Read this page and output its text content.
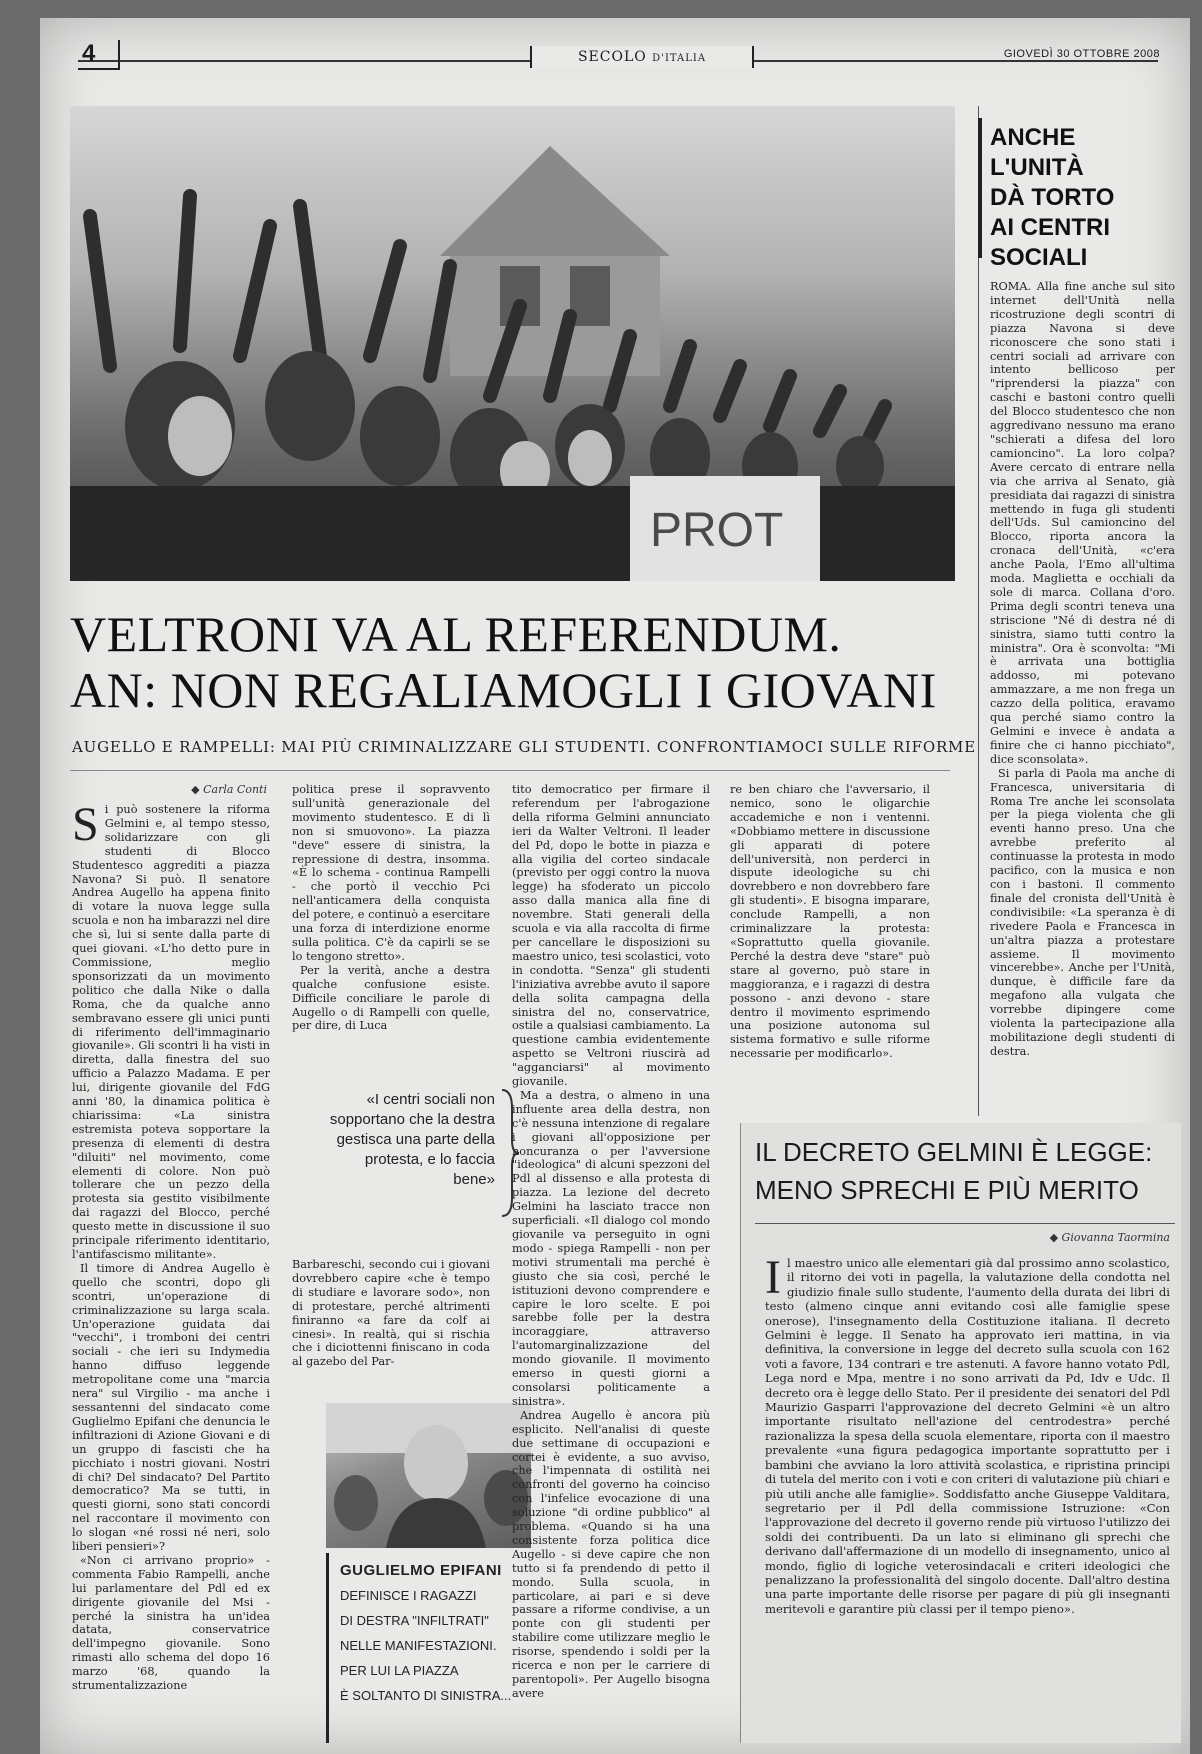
4	SECOLO D'ITALIA	GIOVEDÌ 30 OTTOBRE 2008
PROT
VELTRONI VA AL REFERENDUM.
AN: NON REGALIAMOGLI I GIOVANI
AUGELLO E RAMPELLI: MAI PIÙ CRIMINALIZZARE GLI STUDENTI. CONFRONTIAMOCI SULLE RIFORME
◆ Carla Conti

Si può sostenere la riforma Gelmini e, al tempo stesso, solidarizzare con gli studenti di Blocco Studentesco aggrediti a piazza Navona? Si può. Il senatore Andrea Augello ha appena finito di votare la nuova legge sulla scuola e non ha imbarazzi nel dire che sì, lui si sente dalla parte di quei giovani. «L'ho detto pure in Commissione, meglio sponsorizzati da un movimento politico che dalla Nike o dalla Roma, che da qualche anno sembravano essere gli unici punti di riferimento dell'immaginario giovanile». Gli scontri li ha visti in diretta, dalla finestra del suo ufficio a Palazzo Madama. E per lui, dirigente giovanile del FdG anni '80, la dinamica politica è chiarissima: «La sinistra estremista poteva sopportare la presenza di elementi di destra "diluiti" nel movimento, come elementi di colore. Non può tollerare che un pezzo della protesta sia gestito visibilmente dai ragazzi del Blocco, perché questo mette in discussione il suo principale riferimento identitario, l'antifascismo militante».

Il timore di Andrea Augello è quello che scontri, dopo gli scontri, un'operazione di criminalizzazione su larga scala. Un'operazione guidata dai "vecchi", i tromboni dei centri sociali - che ieri su Indymedia hanno diffuso leggende metropolitane come una "marcia nera" sul Virgilio - ma anche i sessantenni del sindacato come Guglielmo Epifani che denuncia le infiltrazioni di Azione Giovani e di un gruppo di fascisti che ha picchiato i nostri giovani. Nostri di chi? Del sindacato? Del Partito democratico? Ma se tutti, in questi giorni, sono stati concordi nel raccontare il movimento con lo slogan «né rossi né neri, solo liberi pensieri»?

«Non ci arrivano proprio» - commenta Fabio Rampelli, anche lui parlamentare del Pdl ed ex dirigente giovanile del Msi - perché la sinistra ha un'idea datata, conservatrice dell'impegno giovanile. Sono rimasti allo schema del dopo 16 marzo '68, quando la strumentalizzazione

politica prese il sopravvento sull'unità generazionale del movimento studentesco. E di lì non si smuovono». La piazza "deve" essere di sinistra, la repressione di destra, insomma. «È lo schema - continua Rampelli - che portò il vecchio Pci nell'anticamera della conquista del potere, e continuò a esercitare una forza di interdizione enorme sulla politica. C'è da capirli se se lo tengono stretto».

Per la verità, anche a destra qualche confusione esiste. Difficile conciliare le parole di Augello o di Rampelli con quelle, per dire, di Luca

«I centri sociali non sopportano che la destra gestisca una parte della protesta, e lo faccia bene»

Barbareschi, secondo cui i giovani dovrebbero capire «che è tempo di studiare e lavorare sodo», non di protestare, perché altrimenti finiranno «a fare da colf ai cinesi». In realtà, qui si rischia che i diciottenni finiscano in coda al gazebo del Par-

GUGLIELMO EPIFANI
DEFINISCE I RAGAZZI
DI DESTRA "INFILTRATI"
NELLE MANIFESTAZIONI.
PER LUI LA PIAZZA
È SOLTANTO DI SINISTRA...

tito democratico per firmare il referendum per l'abrogazione della riforma Gelmini annunciato ieri da Walter Veltroni. Il leader del Pd, dopo le botte in piazza e alla vigilia del corteo sindacale (previsto per oggi contro la nuova legge) ha sfoderato un piccolo asso dalla manica alla fine di novembre. Stati generali della scuola e via alla raccolta di firme per cancellare le disposizioni su maestro unico, tesi scolastici, voto in condotta. "Senza" gli studenti l'iniziativa avrebbe avuto il sapore della solita campagna della sinistra del no, conservatrice, ostile a qualsiasi cambiamento. La questione cambia evidentemente aspetto se Veltroni riuscirà ad "agganciarsi" al movimento giovanile.

Ma a destra, o almeno in una influente area della destra, non c'è nessuna intenzione di regalare i giovani all'opposizione per noncuranza o per l'avversione "ideologica" di alcuni spezzoni del Pdl al dissenso e alla protesta di piazza. La lezione del decreto Gelmini ha lasciato tracce non superficiali. «Il dialogo col mondo giovanile va perseguito in ogni modo - spiega Rampelli - non per motivi strumentali ma perché è giusto che sia così, perché le istituzioni devono comprendere e capire le loro scelte. E poi sarebbe folle per la destra incoraggiare, attraverso l'automarginalizzazione del mondo giovanile. Il movimento emerso in questi giorni a consolarsi politicamente a sinistra».

Andrea Augello è ancora più esplicito. Nell'analisi di queste due settimane di occupazioni e cortei è evidente, a suo avviso, che l'impennata di ostilità nei confronti del governo ha coinciso con l'infelice evocazione di una soluzione "di ordine pubblico" al problema. «Quando si ha una consistente forza politica dice Augello - si deve capire che non tutto si fa prendendo di petto il mondo. Sulla scuola, in particolare, ai pari e si deve passare a riforme condivise, a un ponte con gli studenti per stabilire come utilizzare meglio le risorse, spendendo i soldi per la ricerca e non per le carriere di parentopoli». Per Augello bisogna avere

re ben chiaro che l'avversario, il nemico, sono le oligarchie accademiche e non i ventenni. «Dobbiamo mettere in discussione gli apparati di potere dell'università, non perderci in dispute ideologiche su chi dovrebbero e non dovrebbero fare gli studenti». E bisogna imparare, conclude Rampelli, a non criminalizzare la protesta: «Soprattutto quella giovanile. Perché la destra deve "stare" può stare al governo, può stare in maggioranza, e i ragazzi di destra possono - anzi devono - stare dentro il movimento esprimendo una posizione autonoma sul sistema formativo e sulle riforme necessarie per modificarlo».

ANCHE L'UNITÀ
DÀ TORTO
AI CENTRI
SOCIALI

ROMA. Alla fine anche sul sito internet dell'Unità nella ricostruzione degli scontri di piazza Navona si deve riconoscere che sono stati i centri sociali ad arrivare con intento bellicoso per "riprendersi la piazza" con caschi e bastoni contro quelli del Blocco studentesco che non aggredivano nessuno ma erano "schierati a difesa del loro camioncino". La loro colpa? Avere cercato di entrare nella via che arriva al Senato, già presidiata dai ragazzi di sinistra mettendo in fuga gli studenti dell'Uds. Sul camioncino del Blocco, riporta ancora la cronaca dell'Unità, «c'era anche Paola, l'Emo all'ultima moda. Maglietta e occhiali da sole di marca. Collana d'oro. Prima degli scontri teneva una striscione "Né di destra né di sinistra, siamo tutti contro la ministra". Ora è sconvolta: "Mi è arrivata una bottiglia addosso, mi potevano ammazzare, a me non frega un cazzo della politica, eravamo qua perché siamo contro la Gelmini e invece è andata a finire che ci hanno picchiato", dice sconsolata».

Si parla di Paola ma anche di Francesca, universitaria di Roma Tre anche lei sconsolata per la piega violenta che gli eventi hanno preso. Una che avrebbe preferito al continuasse la protesta in modo pacifico, con la musica e non con i bastoni. Il commento finale del cronista dell'Unità è condivisibile: «La speranza è di rivedere Paola e Francesca in un'altra piazza a protestare assieme. Il movimento vincerebbe». Anche per l'Unità, dunque, è difficile fare da megafono alla vulgata che vorrebbe dipingere come violenta la partecipazione alla mobilitazione degli studenti di destra.

IL DECRETO GELMINI È LEGGE:
MENO SPRECHI E PIÙ MERITO
◆ Giovanna Taormina

Il maestro unico alle elementari già dal prossimo anno scolastico, il ritorno dei voti in pagella, la valutazione della condotta nel giudizio finale sullo studente, l'aumento della durata dei libri di testo (almeno cinque anni evitando così alle famiglie spese onerose), l'insegnamento della Costituzione italiana. Il decreto Gelmini è legge. Il Senato ha approvato ieri mattina, in via definitiva, la conversione in legge del decreto sulla scuola con 162 voti a favore, 134 contrari e tre astenuti. A favore hanno votato Pdl, Lega nord e Mpa, mentre i no sono arrivati da Pd, Idv e Udc. Il decreto ora è legge dello Stato. Per il presidente dei senatori del Pdl Maurizio Gasparri l'approvazione del decreto Gelmini «è un altro importante risultato nell'azione del centrodestra» perché razionalizza la spesa della scuola elementare, riporta con il maestro prevalente «una figura pedagogica importante soprattutto per i bambini che avviano la loro attività scolastica, e ripristina principi di tutela del merito con i voti e con criteri di valutazione più chiari e più utili anche alle famiglie». Soddisfatto anche Giuseppe Valditara, segretario per il Pdl della commissione Istruzione: «Con l'approvazione del decreto il governo rende più virtuoso l'utilizzo dei soldi dei contribuenti. Da un lato si eliminano gli sprechi che derivano dall'affermazione di un modello di insegnamento, unico al mondo, figlio di logiche veterosindacali e criteri ideologici che penalizzano la professionalità del singolo docente. Dall'altro destina una parte importante delle risorse per pagare di più gli insegnanti meritevoli e garantire più classi per il tempo pieno».
